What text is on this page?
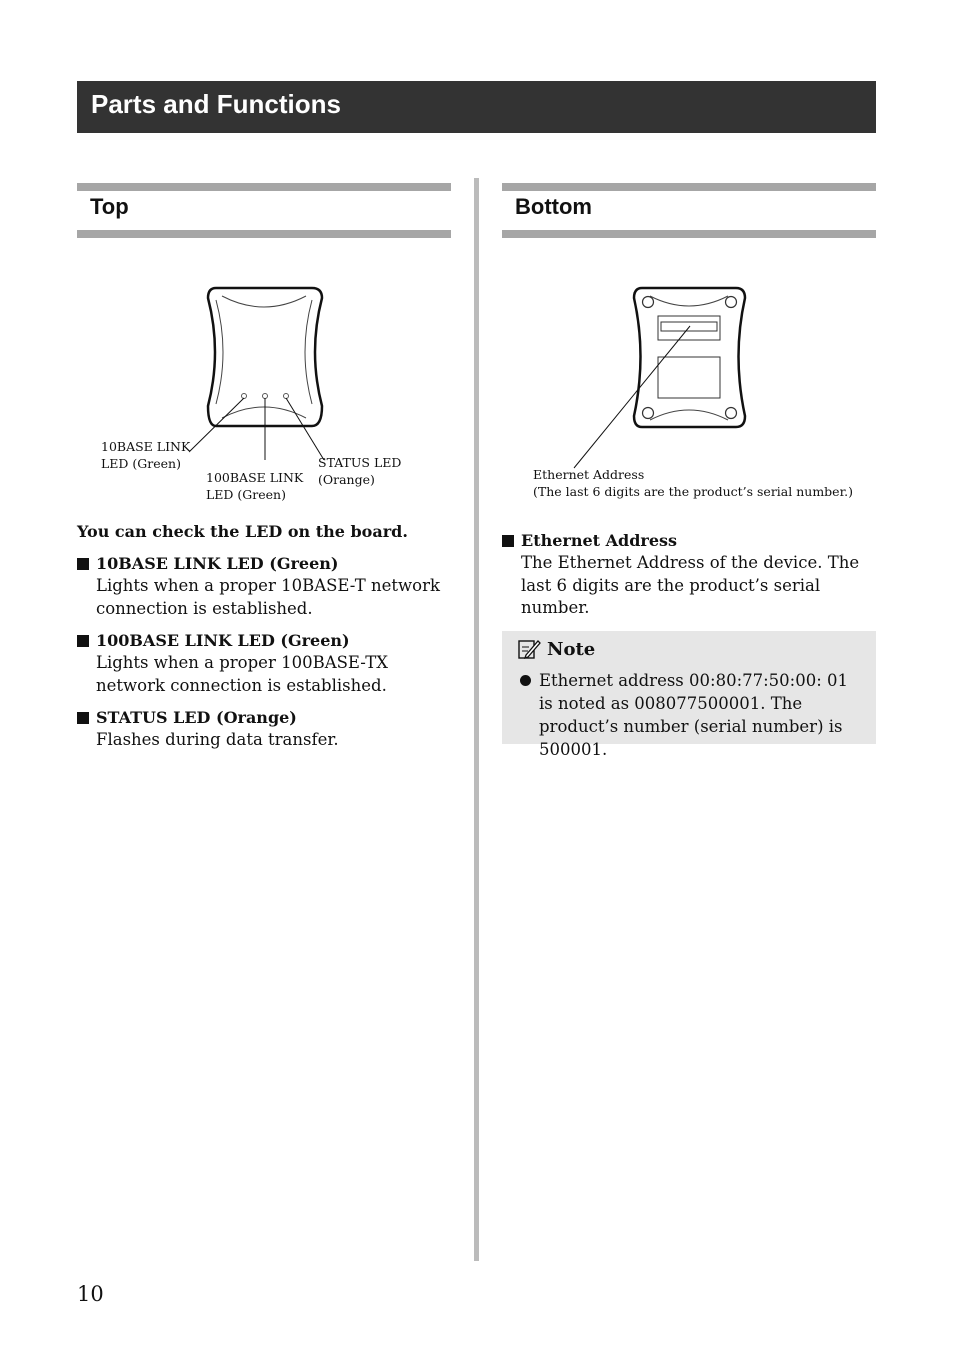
Parts and Functions
Top	Bottom
10BASE LINK
LED (Green)
100BASE LINK
LED (Green)
STATUS LED
(Orange)	Ethernet Address
(The last 6 digits are the product’s serial number.)
You can check the LED on the board.
10BASE LINK LED (Green)
Lights when a proper 10BASE-T network connection is established.
100BASE LINK LED (Green)
Lights when a proper 100BASE-TX network connection is established.
STATUS LED (Orange)
Flashes during data transfer.
Ethernet Address
The Ethernet Address of the device. The last 6 digits are the product’s serial number.
Note
Ethernet address 00:80:77:50:00: 01 is noted as 008077500001. The product’s number (serial number) is 500001.
10
